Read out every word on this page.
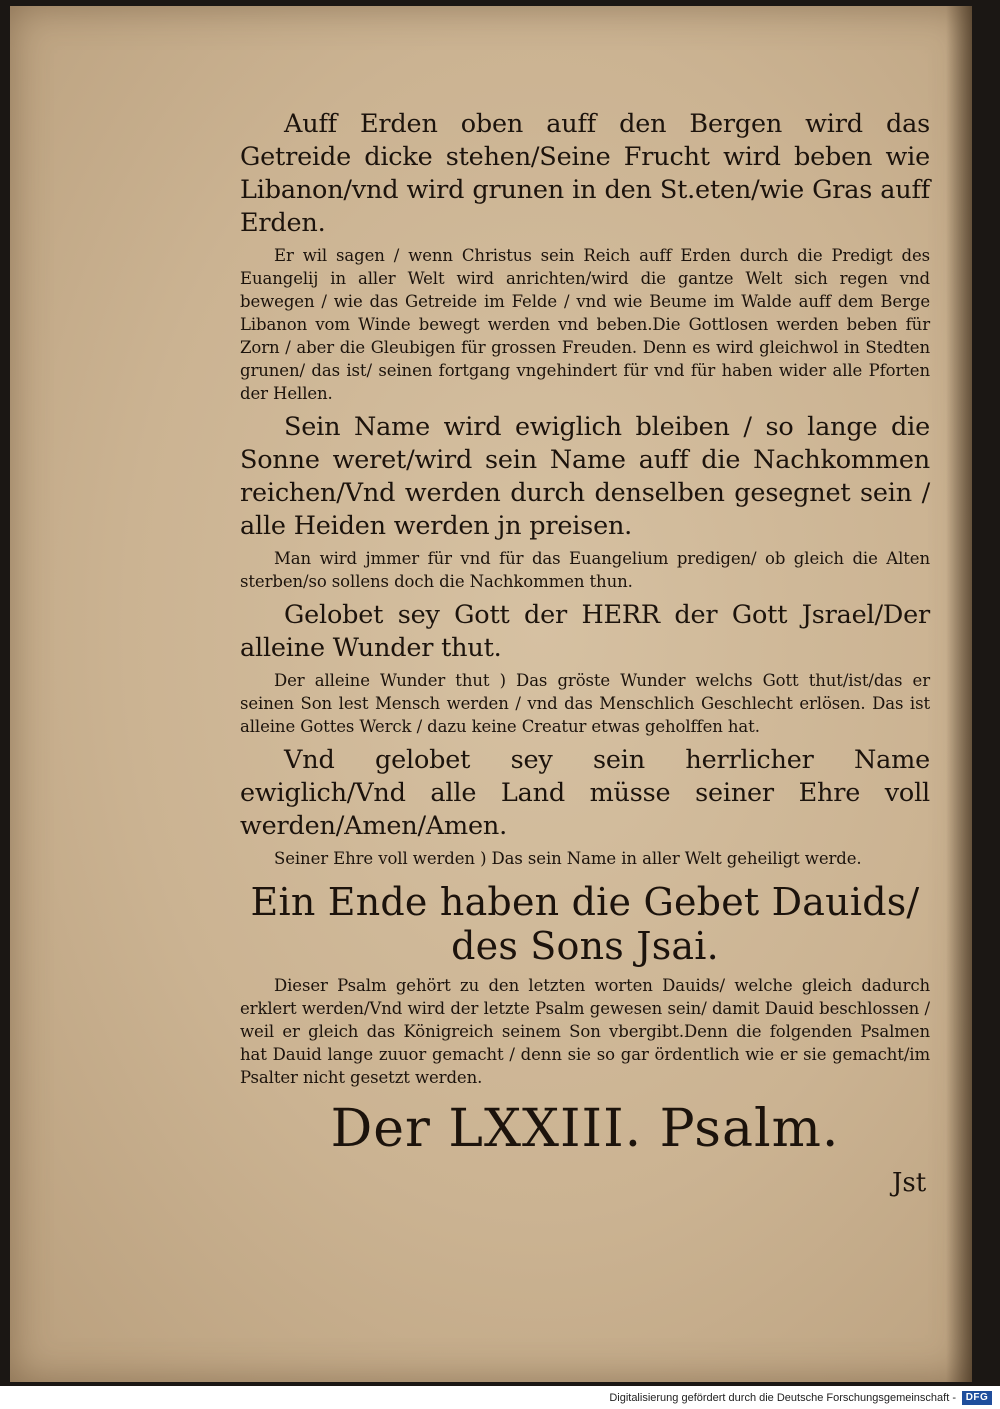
Auff Erden oben auff den Bergen wird das Getreide dicke stehen/Seine Frucht wird beben wie Libanon/vnd wird grunen in den St.eten/wie Gras auff Erden.

Er wil sagen / wenn Christus sein Reich auff Erden durch die Predigt des Euangelij in aller Welt wird anrichten/wird die gantze Welt sich regen vnd bewegen / wie das Getreide im Felde / vnd wie Beume im Walde auff dem Berge Libanon vom Winde bewegt werden vnd beben.Die Gottlosen werden beben für Zorn / aber die Gleubigen für grossen Freuden. Denn es wird gleichwol in Stedten grunen/ das ist/ seinen fortgang vngehindert für vnd für haben wider alle Pforten der Hellen.

Sein Name wird ewiglich bleiben / so lange die Sonne weret/wird sein Name auff die Nachkommen reichen/Vnd werden durch denselben gesegnet sein / alle Heiden werden jn preisen.

Man wird jmmer für vnd für das Euangelium predigen/ ob gleich die Alten sterben/so sollens doch die Nachkommen thun.

Gelobet sey Gott der HERR der Gott Jsrael/Der alleine Wunder thut.

Der alleine Wunder thut ) Das gröste Wunder welchs Gott thut/ist/das er seinen Son lest Mensch werden / vnd das Menschlich Geschlecht erlösen. Das ist alleine Gottes Werck / dazu keine Creatur etwas geholffen hat.

Vnd gelobet sey sein herrlicher Name ewiglich/Vnd alle Land müsse seiner Ehre voll werden/Amen/Amen.

Seiner Ehre voll werden ) Das sein Name in aller Welt geheiligt werde.

Ein Ende haben die Gebet Dauids/
des Sons Jsai.

Dieser Psalm gehört zu den letzten worten Dauids/ welche gleich dadurch erklert werden/Vnd wird der letzte Psalm gewesen sein/ damit Dauid beschlossen / weil er gleich das Königreich seinem Son vbergibt.Denn die folgenden Psalmen hat Dauid lange zuuor gemacht / denn sie so gar ördentlich wie er sie gemacht/im Psalter nicht gesetzt werden.

Der LXXIII. Psalm.
Jst
Digitalisierung gefördert durch die Deutsche Forschungsgemeinschaft - DFG
